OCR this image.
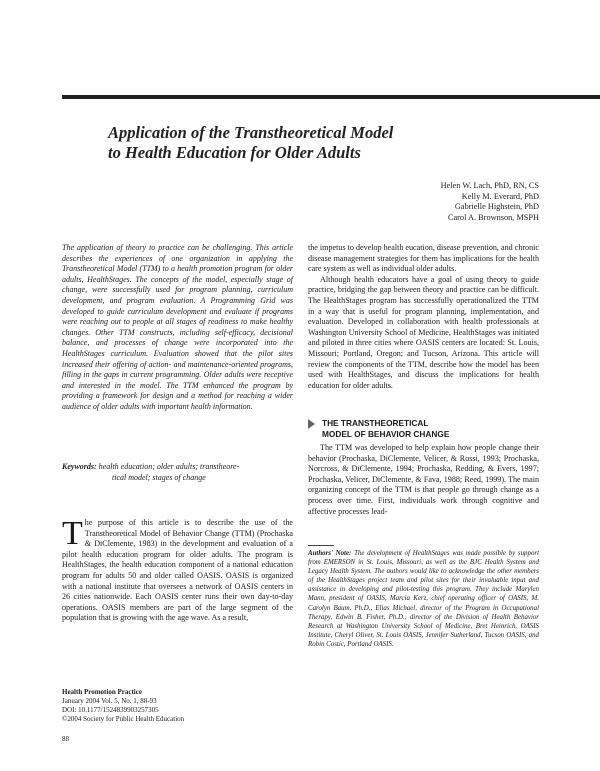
Application of the Transtheoretical Model
to Health Education for Older Adults
Helen W. Lach, PhD, RN, CS
Kelly M. Everard, PhD
Gabrielle Highstein, PhD
Carol A. Brownson, MSPH

The application of theory to practice can be challenging. This article describes the experiences of one organization in applying the Transtheoretical Model (TTM) to a health promotion program for older adults, HealthStages. The concepts of the model, especially stage of change, were successfully used for program planning, curriculum development, and program evaluation. A Programming Grid was developed to guide curriculum development and evaluate if programs were reaching out to people at all stages of readiness to make healthy changes. Other TTM constructs, including self-efficacy, decisional balance, and processes of change were incorporated into the HealthStages curriculum. Evaluation showed that the pilot sites increased their offering of action- and maintenance-oriented programs, filling in the gaps in current programming. Older adults were receptive and interested in the model. The TTM enhanced the program by providing a framework for design and a method for reaching a wider audience of older adults with important health information.

Keywords: health education; older adults; transtheore-
tical model; stages of change
The purpose of this article is to describe the use of the Transtheoretical Model of Behavior Change (TTM) (Prochaska & DiClemente, 1983) in the development and evaluation of a pilot health education program for older adults. The program is HealthStages, the health education component of a national education program for adults 50 and older called OASIS. OASIS is organized with a national institute that oversees a network of OASIS centers in 26 cities nationwide. Each OASIS center runs their own day-to-day operations. OASIS members are part of the large segment of the population that is growing with the age wave. As a result,
Health Promotion Practice
January 2004 Vol. 5, No. 1, 88-93
DOI: 10.1177/1524839903257305
©2004 Society for Public Health Education
88

the impetus to develop health eucation, disease prevention, and chronic disease management strategies for them has implications for the health care system as well as individual older adults.

Although health educators have a goal of using theory to guide practice, bridging the gap between theory and practice can be difficult. The HealthStages program has successfully operationalized the TTM in a way that is useful for program planning, implementation, and evaluation. Developed in collaboration with health professionals at Washington University School of Medicine, HealthStages was initiated and piloted in three cities where OASIS centers are located: St. Louis, Missouri; Portland, Oregon; and Tucson, Arizona. This article will review the components of the TTM, describe how the model has been used with HealthStages, and discuss the implications for health education for older adults.

THE TRANSTHEORETICAL
MODEL OF BEHAVIOR CHANGE

The TTM was developed to help explain how people change their behavior (Prochaska, DiClemente, Velicer, & Rossi, 1993; Prochaska, Norcross, & DiClemente, 1994; Prochaska, Redding, & Evers, 1997; Prochaska, Velicer, DiClemente, & Fava, 1988; Reed, 1999). The main organizing concept of the TTM is that people go through change as a process over time. First, individuals work through cognitive and affective processes lead-

Authors' Note: The development of HealthStages was made possible by support from EMERSON in St. Louis, Missouri, as well as the BJC Health System and Legacy Health System. The authors would like to acknowledge the other members of the HealthStages project team and pilot sites for their invaluable input and assistance in developing and pilot-testing this program. They include Marylen Mann, president of OASIS, Marcia Kerz, chief operating officer of OASIS, M. Carolyn Baum, Ph.D., Elias Michael, director of the Program in Occupational Therapy, Edwin B. Fisher, Ph.D., director of the Division of Health Behavior Research at Washington University School of Medicine, Bret Heinrich, OASIS Institute, Cheryl Oliver, St. Louis OASIS, Jennifer Sutherland, Tucson OASIS, and Robin Costic, Portland OASIS.
